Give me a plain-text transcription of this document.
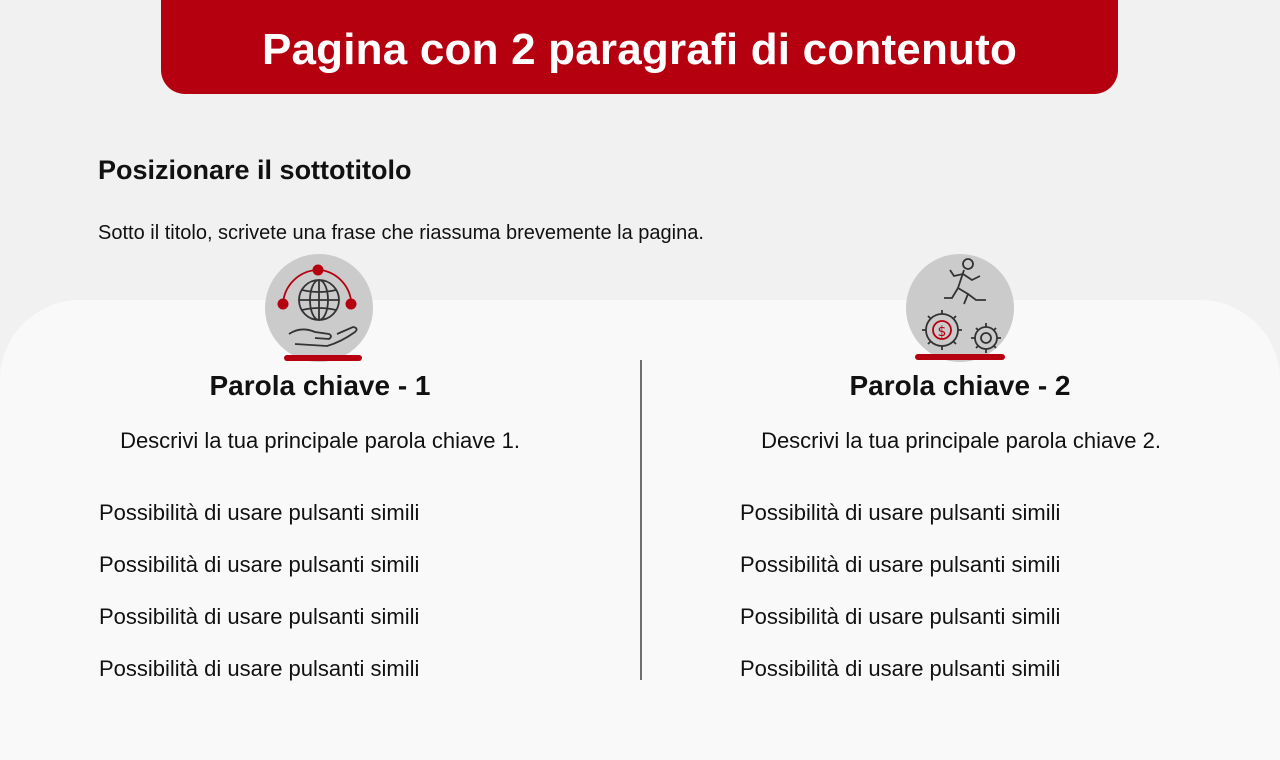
Pagina con 2 paragrafi di contenuto
Posizionare il sottotitolo

Sotto il titolo, scrivete una frase che riassuma brevemente la pagina.

Parola chiave - 1

Descrivi la tua principale parola chiave 1.

Possibilità di usare pulsanti simili
Possibilità di usare pulsanti simili
Possibilità di usare pulsanti simili
Possibilità di usare pulsanti simili
$
Parola chiave - 2

Descrivi la tua principale parola chiave 2.

Possibilità di usare pulsanti simili
Possibilità di usare pulsanti simili
Possibilità di usare pulsanti simili
Possibilità di usare pulsanti simili
